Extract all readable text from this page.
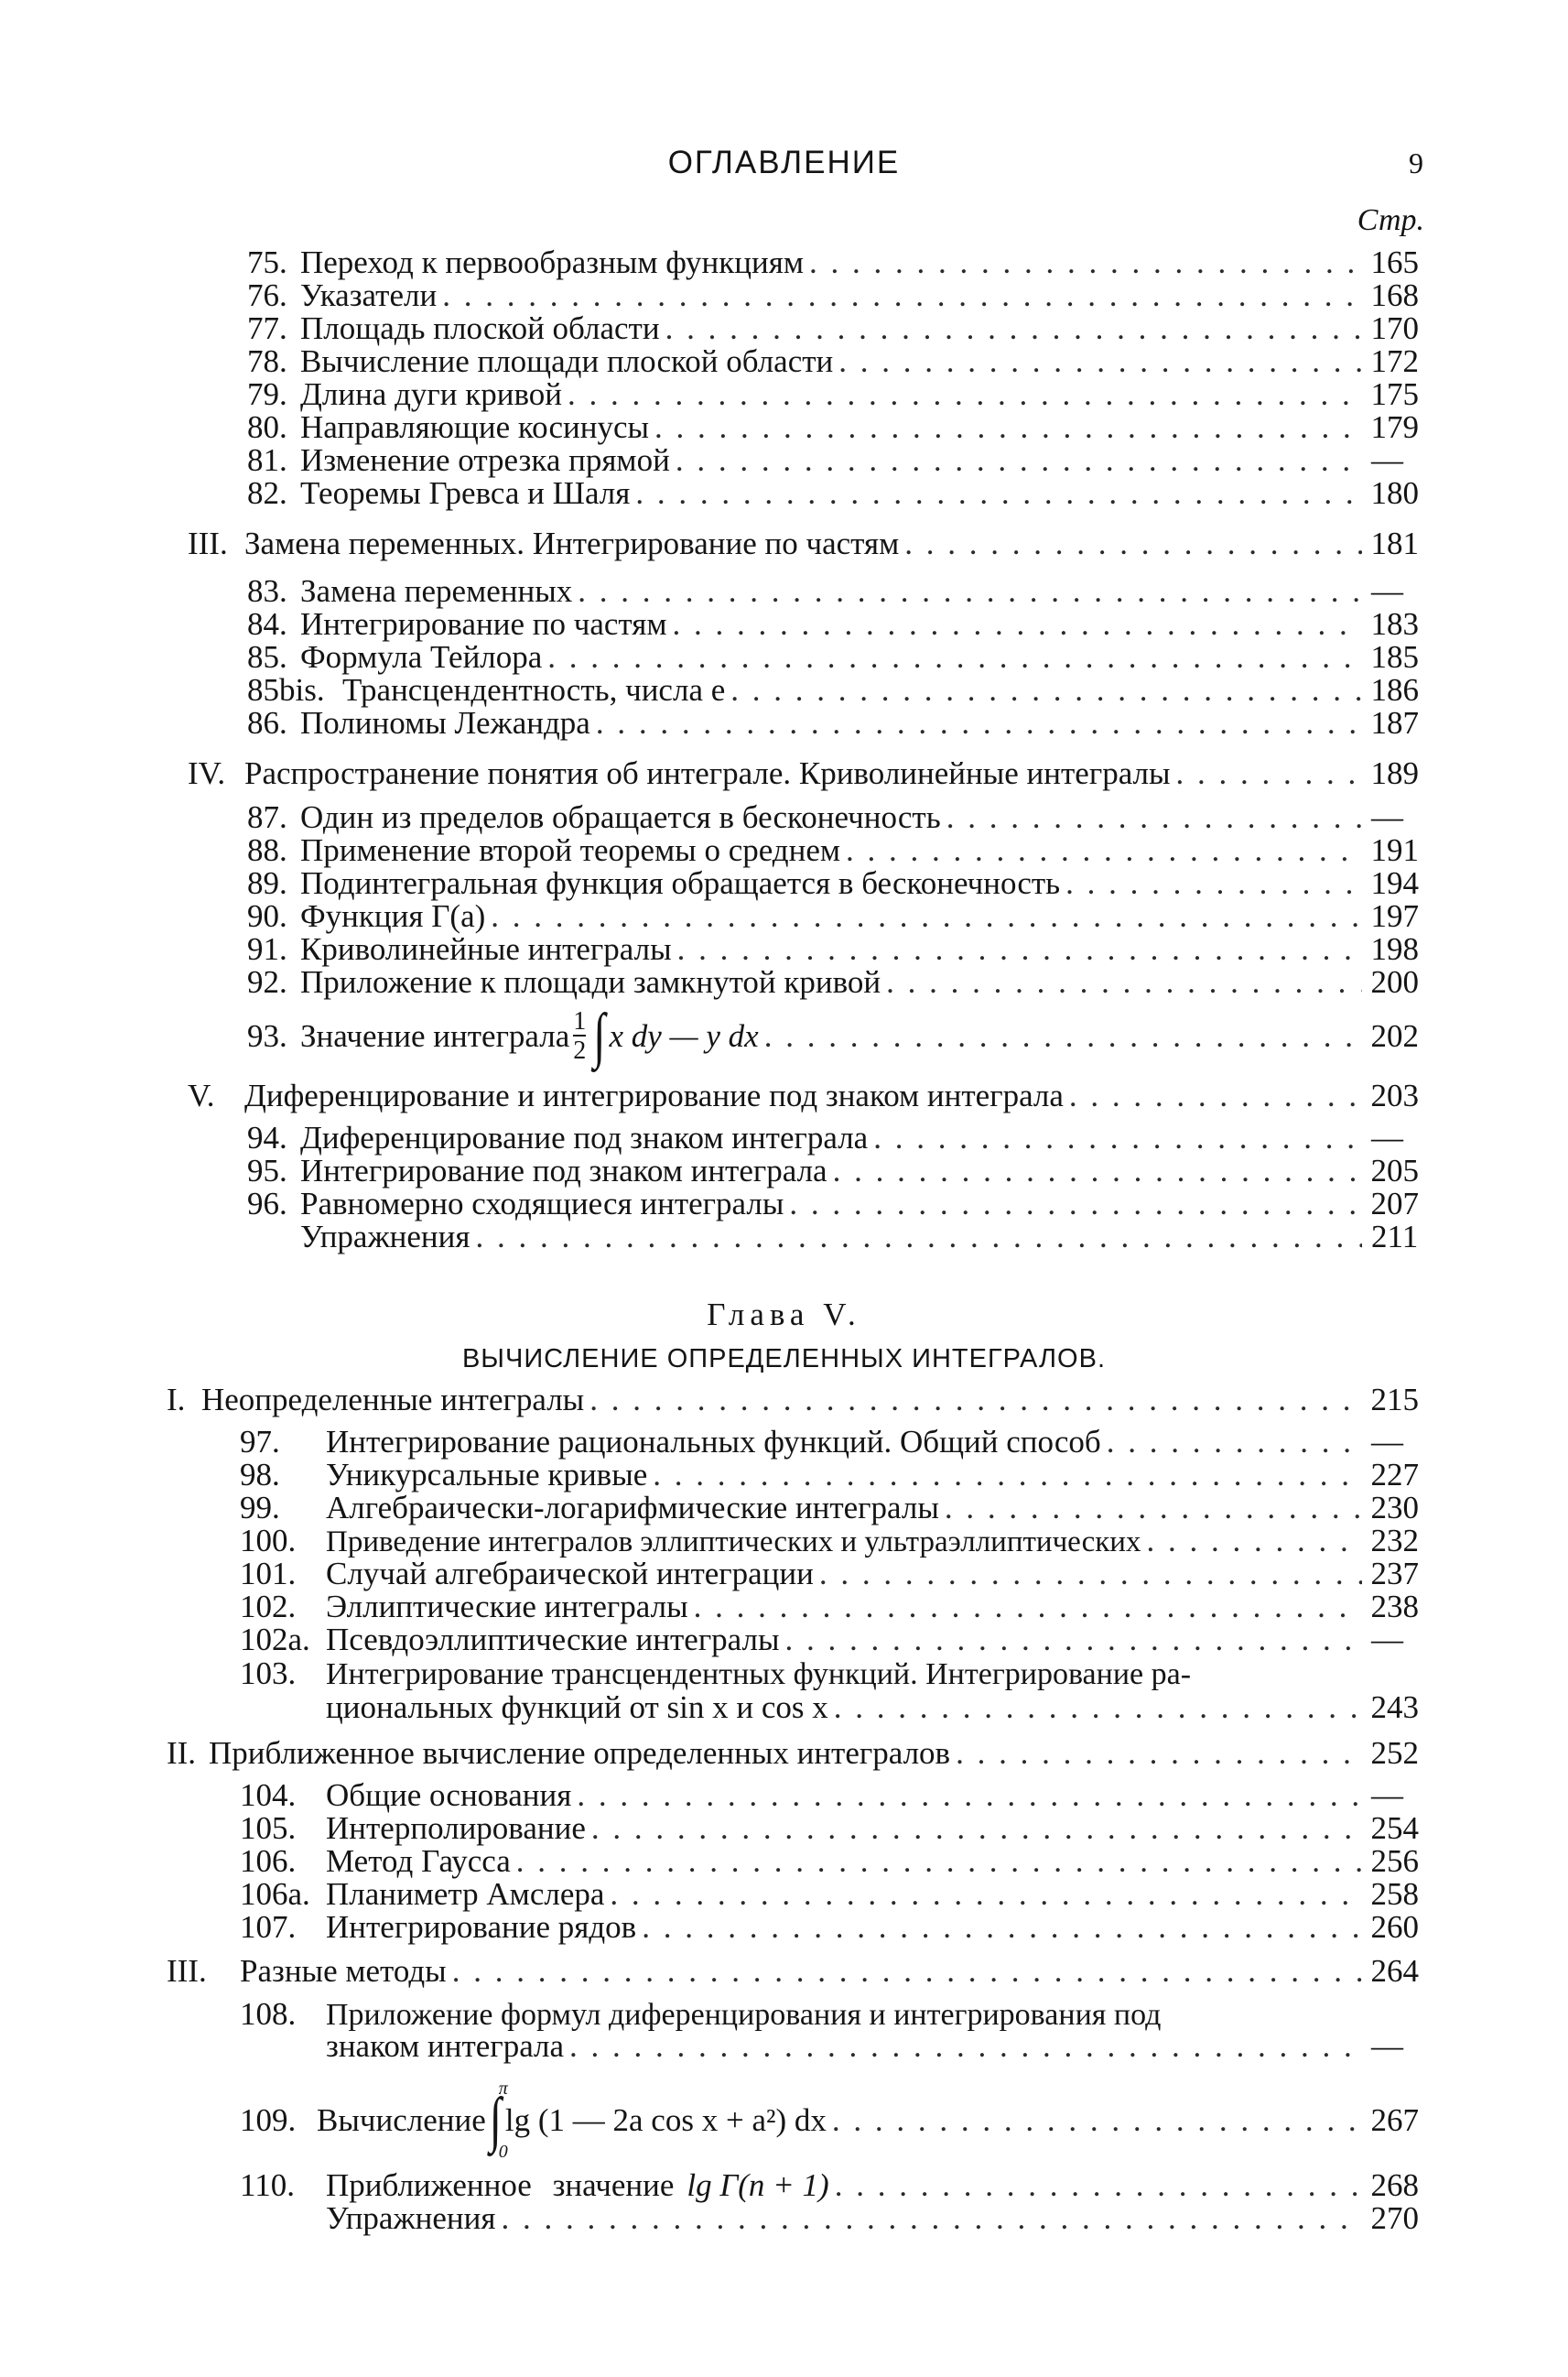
ОГЛАВЛЕНИЕ	9
Стр.
75. Переход к первообразным функциям . . .	165
76. Указатели . . .	168
77. Площадь плоской области . . .	170
78. Вычисление площади плоской области . . .	172
79. Длина дуги кривой . . .	175
80. Направляющие косинусы . . .	179
81. Изменение отрезка прямой . . .	—
82. Теоремы Гревса и Шаля . . .	180
III. Замена переменных. Интегрирование по частям . . .	181
83. Замена переменных . . .	—
84. Интегрирование по частям . . .	183
85. Формула Тейлора . . .	185
85bis. Трансцендентность, числа e . . .	186
86. Полиномы Лежандра . . .	187
IV. Распространение понятия об интеграле. Криволинейные интегралы . . .	189
87. Один из пределов обращается в бесконечность . . .	—
88. Применение второй теоремы о среднем . . .	191
89. Подинтегральная функция обращается в бесконечность . . .	194
90. Функция Г(a) . . .	197
91. Криволинейные интегралы . . .	198
92. Приложение к площади замкнутой кривой . . .	200
93. Значение интеграла $\frac{1}{2}$ ∫ x dy — y dx . . .	202
V. Диференцирование и интегрирование под знаком интеграла . . .	203
94. Диференцирование под знаком интеграла . . .	—
95. Интегрирование под знаком интеграла . . .	205
96. Равномерно сходящиеся интегралы . . .	207
Упражнения . . .	211
Глава V.
ВЫЧИСЛЕНИЕ ОПРЕДЕЛЕННЫХ ИНТЕГРАЛОВ.
I. Неопределенные интегралы . . .	215
97.	Интегрирование рациональных функций. Общий способ . . .	—
98.	Уникурсальные кривые . . .	227
99.	Алгебраически-логарифмические интегралы . . .	230
100. Приведение интегралов эллиптических и ультраэллиптических . . .	232
101. Случай алгебраической интеграции . . .	237
102. Эллиптические интегралы . . .	238
102a. Псевдоэллиптические интегралы . . .	—
103. Интегрирование трансцендентных функций. Интегрирование ра-
циональных функций от sin x и cos x . . .	243
II. Приближенное вычисление определенных интегралов . . .	252
104. Общие основания . . .	—
105. Интерполирование . . .	254
106. Метод Гаусса . . .	256
106a. Планиметр Амслера . . .	258
107. Интегрирование рядов . . .	260
III.	Разные методы . . .	264
108. Приложение формул диференцирования и интегрирования под
знаком интеграла . . .	—
109. Вычисление
π
∫
0
lg (1 — 2a cos x + a²) dx . . .	267
110. Приближенное значение lg Г(n + 1) . . .	268
Упражнения . . .	270
